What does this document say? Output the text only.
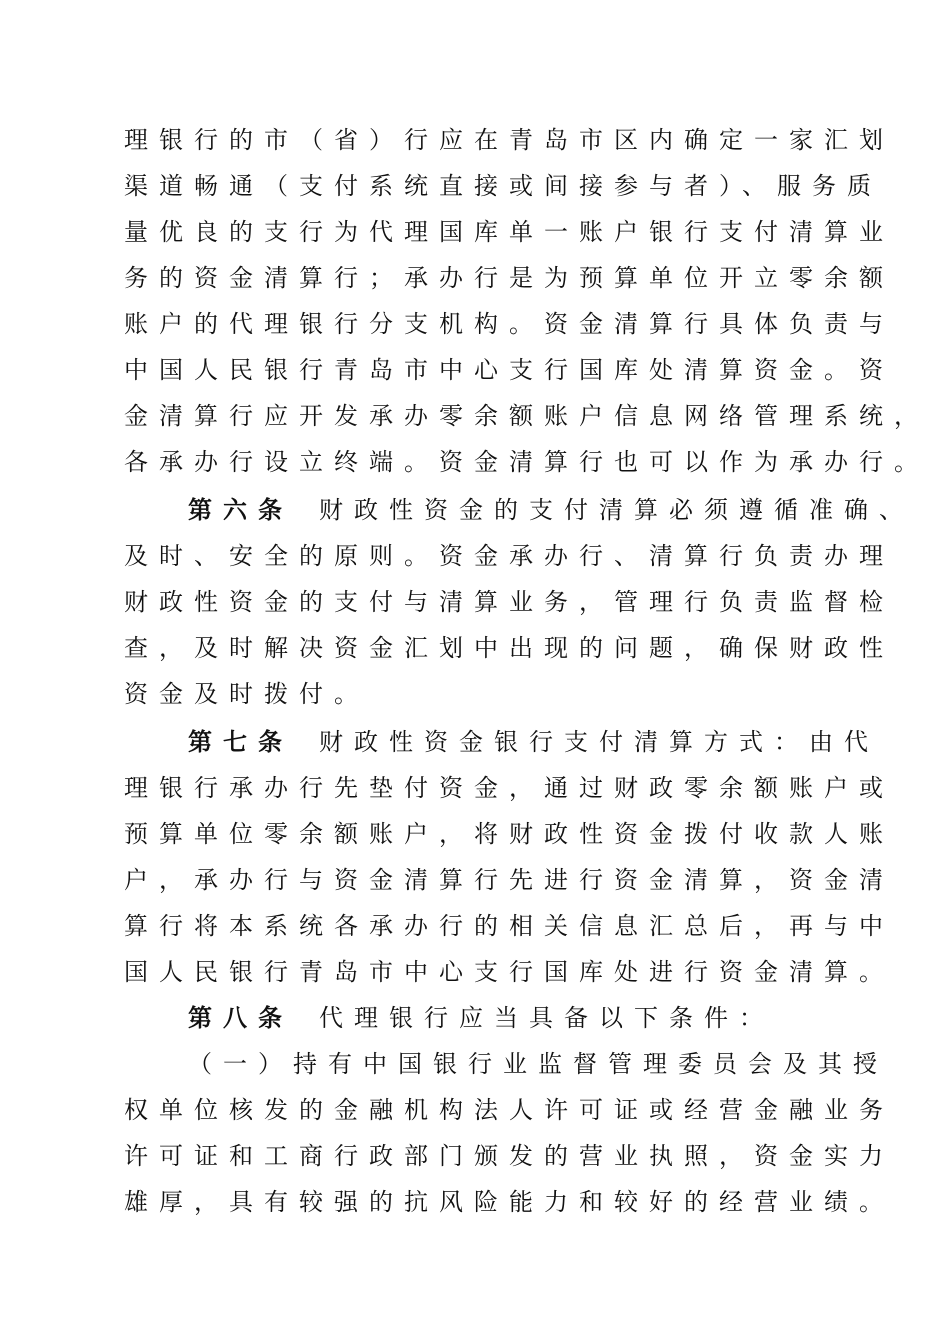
理银行的市（省）行应在青岛市区内确定一家汇划
渠道畅通（支付系统直接或间接参与者）、服务质
量优良的支行为代理国库单一账户银行支付清算业
务的资金清算行；承办行是为预算单位开立零余额
账户的代理银行分支机构。资金清算行具体负责与
中国人民银行青岛市中心支行国库处清算资金。资
金清算行应开发承办零余额账户信息网络管理系统，
各承办行设立终端。资金清算行也可以作为承办行。
第六条 财政性资金的支付清算必须遵循准确、
及时、安全的原则。资金承办行、清算行负责办理
财政性资金的支付与清算业务，管理行负责监督检
查，及时解决资金汇划中出现的问题，确保财政性
资金及时拨付。
第七条 财政性资金银行支付清算方式：由代
理银行承办行先垫付资金，通过财政零余额账户或
预算单位零余额账户，将财政性资金拨付收款人账
户，承办行与资金清算行先进行资金清算，资金清
算行将本系统各承办行的相关信息汇总后，再与中
国人民银行青岛市中心支行国库处进行资金清算。
第八条 代理银行应当具备以下条件：
（一）持有中国银行业监督管理委员会及其授
权单位核发的金融机构法人许可证或经营金融业务
许可证和工商行政部门颁发的营业执照，资金实力
雄厚，具有较强的抗风险能力和较好的经营业绩。
